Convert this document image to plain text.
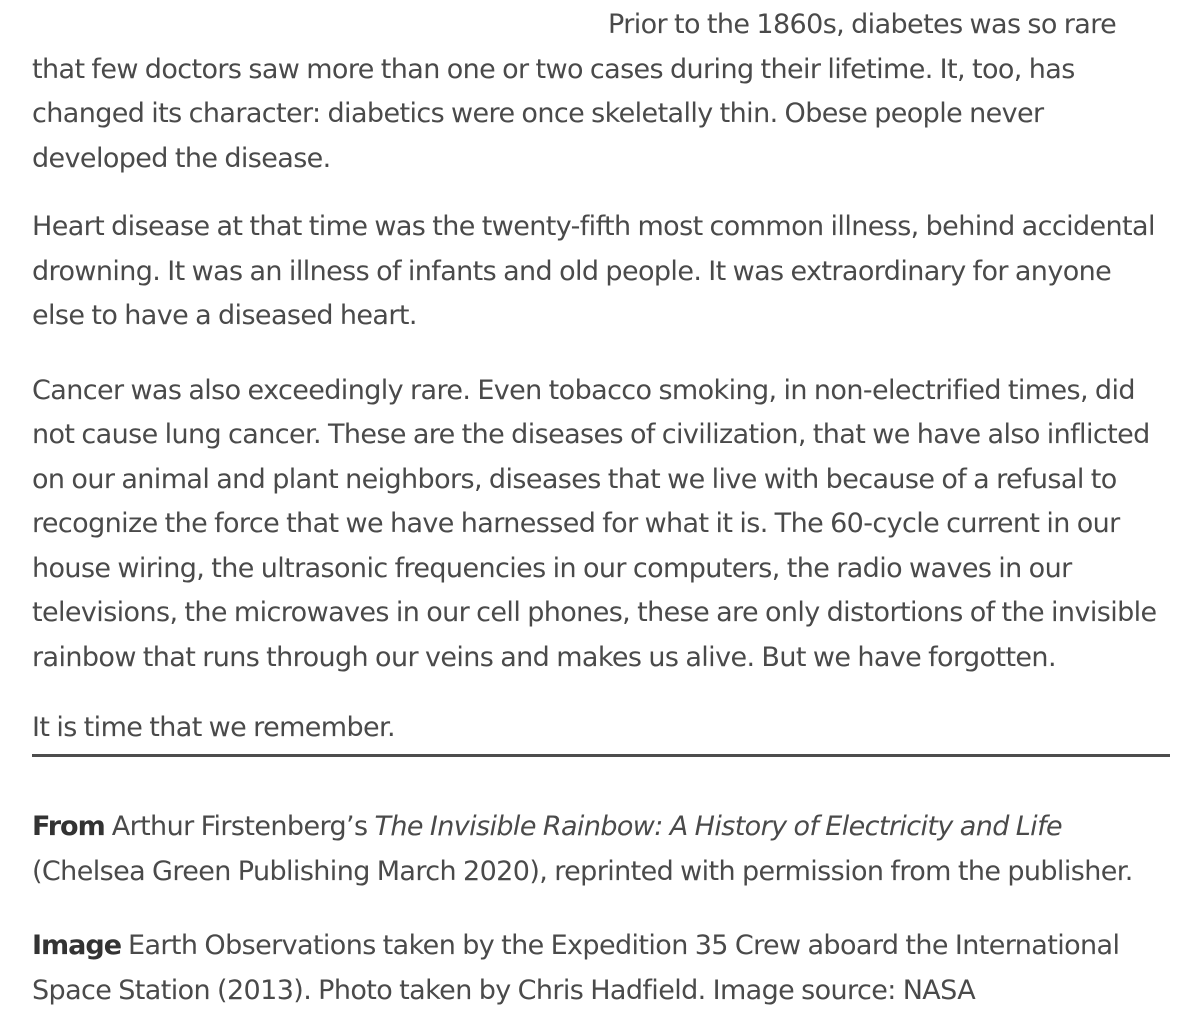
Prior to the 1860s, diabetes was so rare that few doctors saw more than one or two cases during their lifetime. It, too, has changed its character: diabetics were once skeletally thin. Obese people never developed the disease.

Heart disease at that time was the twenty-fifth most common illness, behind accidental drowning. It was an illness of infants and old people. It was extraordinary for anyone else to have a diseased heart.

Cancer was also exceedingly rare. Even tobacco smoking, in non-electrified times, did not cause lung cancer. These are the diseases of civilization, that we have also inflicted on our animal and plant neighbors, diseases that we live with because of a refusal to recognize the force that we have harnessed for what it is. The 60-cycle current in our house wiring, the ultrasonic frequencies in our computers, the radio waves in our televisions, the microwaves in our cell phones, these are only distortions of the invisible rainbow that runs through our veins and makes us alive. But we have forgotten.

It is time that we remember.

From Arthur Firstenberg’s The Invisible Rainbow: A History of Electricity and Life (Chelsea Green Publishing March 2020), reprinted with permission from the publisher.

Image Earth Observations taken by the Expedition 35 Crew aboard the International Space Station (2013). Photo taken by Chris Hadfield. Image source: NASA
